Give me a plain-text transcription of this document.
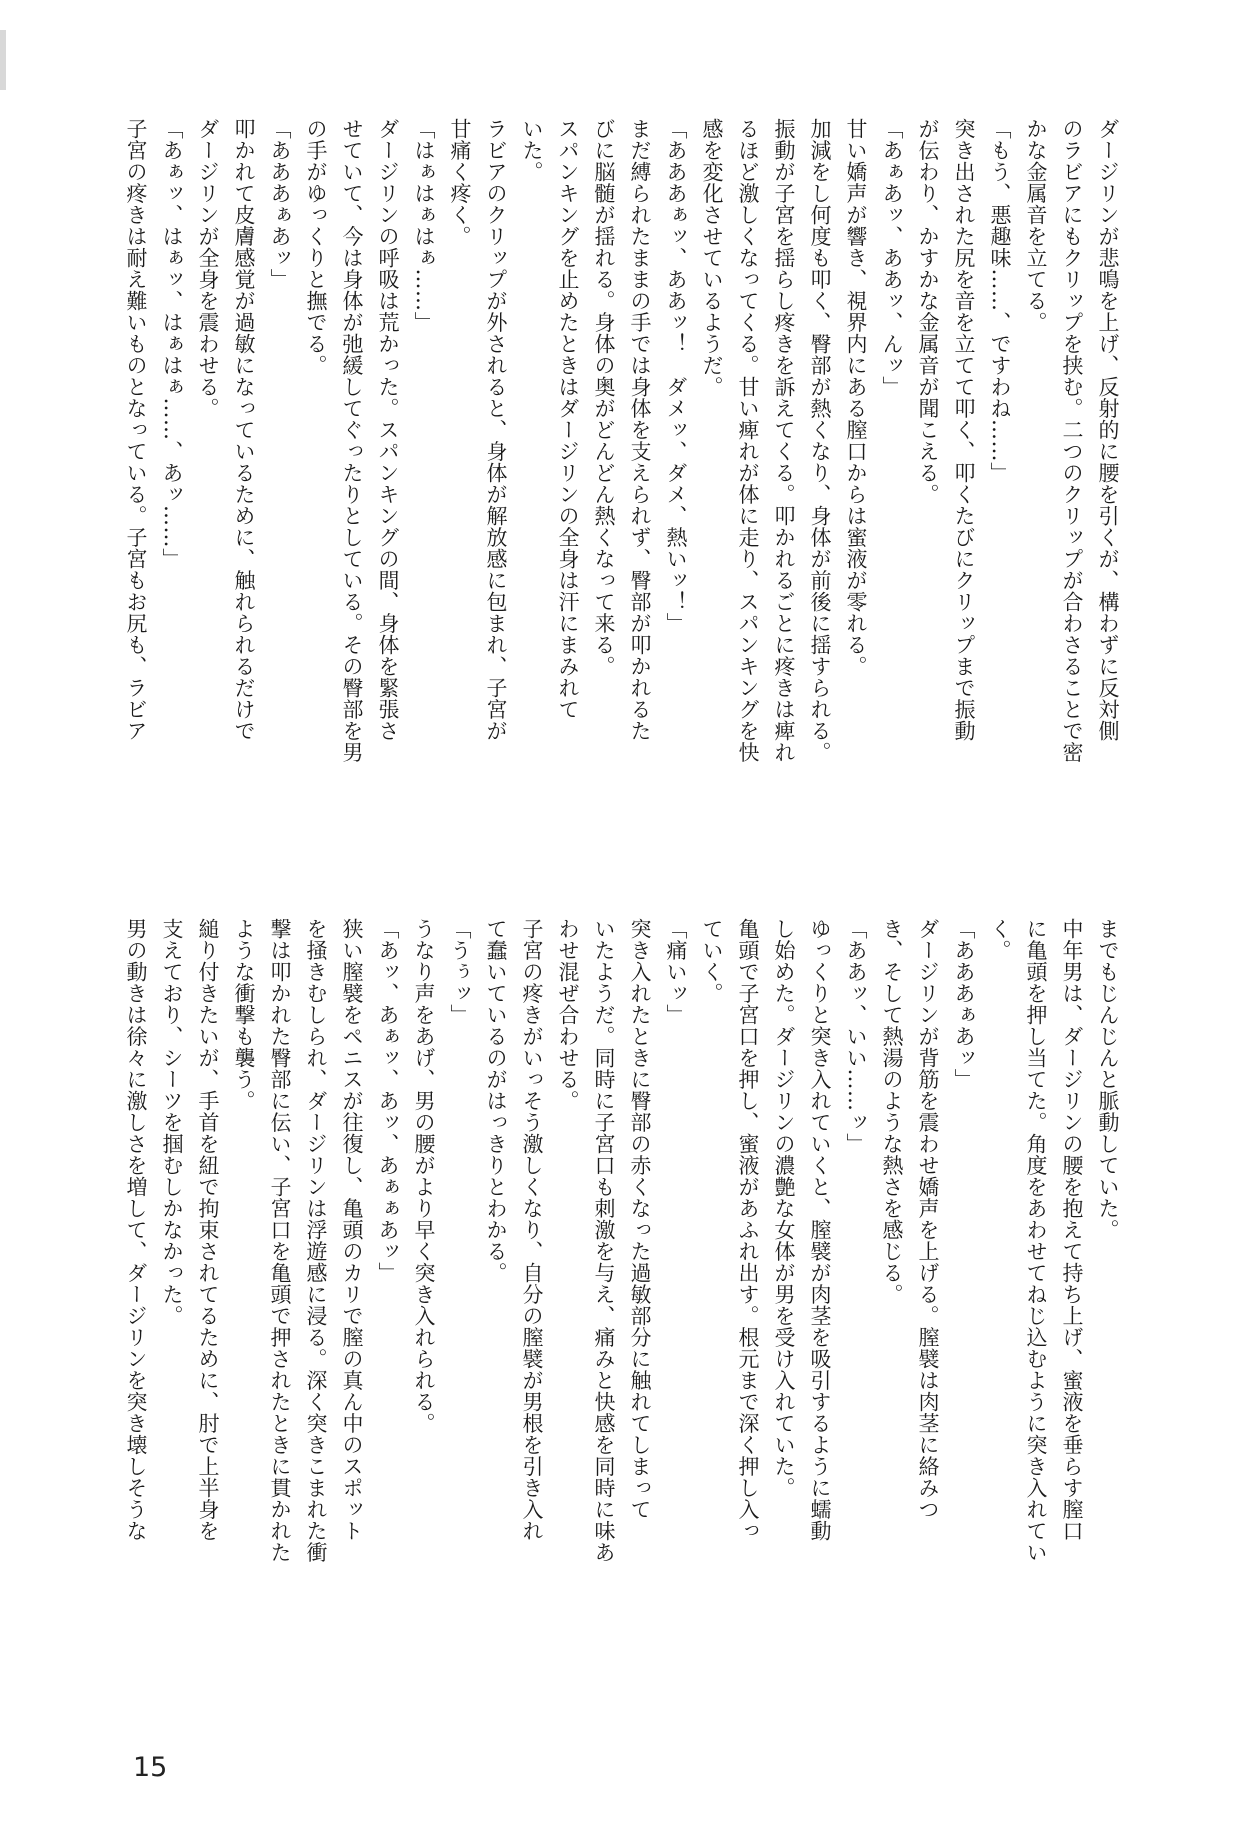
ダージリンが悲鳴を上げ、反射的に腰を引くが、構わずに反対側

のラビアにもクリップを挟む。二つのクリップが合わさることで密

かな金属音を立てる。

「もう、悪趣味……、ですわね……」

突き出された尻を音を立てて叩く、叩くたびにクリップまで振動

が伝わり、かすかな金属音が聞こえる。

「あぁあッ、ああッ、んッ」

甘い嬌声が響き、視界内にある膣口からは蜜液が零れる。

加減をし何度も叩く、臀部が熱くなり、身体が前後に揺すられる。

振動が子宮を揺らし疼きを訴えてくる。叩かれるごとに疼きは痺れ

るほど激しくなってくる。甘い痺れが体に走り、スパンキングを快

感を変化させているようだ。

「あああぁッ、ああッ！　ダメッ、ダメ、熱いッ！」

まだ縛られたままの手では身体を支えられず、臀部が叩かれるた

びに脳髄が揺れる。身体の奥がどんどん熱くなって来る。

スパンキングを止めたときはダージリンの全身は汗にまみれて

いた。

ラビアのクリップが外されると、身体が解放感に包まれ、子宮が

甘痛く疼く。

「はぁはぁはぁ……」

ダージリンの呼吸は荒かった。スパンキングの間、身体を緊張さ

せていて、今は身体が弛緩してぐったりとしている。その臀部を男

の手がゆっくりと撫でる。

「あああぁあッ」

叩かれて皮膚感覚が過敏になっているために、触れられるだけで

ダージリンが全身を震わせる。

「あぁッ、はぁッ、はぁはぁ……、あッ……」

子宮の疼きは耐え難いものとなっている。子宮もお尻も、ラビア

までもじんじんと脈動していた。

中年男は、ダージリンの腰を抱えて持ち上げ、蜜液を垂らす膣口

に亀頭を押し当てた。角度をあわせてねじ込むように突き入れてい

く。

「あああぁあッ」

ダージリンが背筋を震わせ嬌声を上げる。膣襞は肉茎に絡みつ

き、そして熱湯のような熱さを感じる。

「ああッ、いい……ッ」

ゆっくりと突き入れていくと、膣襞が肉茎を吸引するように蠕動

し始めた。ダージリンの濃艶な女体が男を受け入れていた。

亀頭で子宮口を押し、蜜液があふれ出す。根元まで深く押し入っ

ていく。

「痛いッ」

突き入れたときに臀部の赤くなった過敏部分に触れてしまって

いたようだ。同時に子宮口も刺激を与え、痛みと快感を同時に味あ

わせ混ぜ合わせる。

子宮の疼きがいっそう激しくなり、自分の膣襞が男根を引き入れ

て蠢いているのがはっきりとわかる。

「うぅッ」

うなり声をあげ、男の腰がより早く突き入れられる。

「あッ、あぁッ、あッ、あぁぁあッ」

狭い膣襞をペニスが往復し、亀頭のカリで膣の真ん中のスポット

を掻きむしられ、ダージリンは浮遊感に浸る。深く突きこまれた衝

撃は叩かれた臀部に伝い、子宮口を亀頭で押されたときに貫かれた

ような衝撃も襲う。

縋り付きたいが、手首を紐で拘束されてるために、肘で上半身を

支えており、シーツを掴むしかなかった。

男の動きは徐々に激しさを増して、ダージリンを突き壊しそうな

15
